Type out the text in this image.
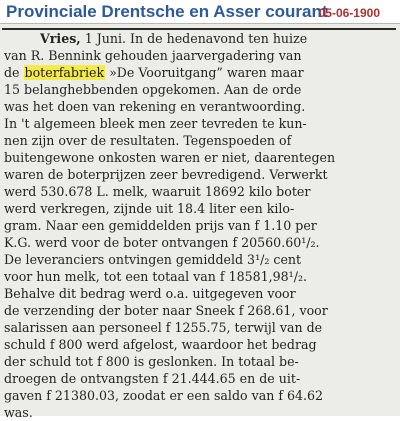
Provinciale Drentsche en Asser courant
05-06-1900
Vries, 1 Juni. In de hedenavond ten huize
van R. Bennink gehouden jaarvergadering van
de boterfabriek »De Vooruitgang” waren maar
15 belanghebbenden opgekomen. Aan de orde
was het doen van rekening en verantwoording.
In 't algemeen bleek men zeer tevreden te kun-
nen zijn over de resultaten. Tegenspoeden of
buitengewone onkosten waren er niet, daarentegen
waren de boterprijzen zeer bevredigend. Verwerkt
werd 530.678 L. melk, waaruit 18692 kilo boter
werd verkregen, zijnde uit 18.4 liter een kilo-
gram. Naar een gemiddelden prijs van f 1.10 per
K.G. werd voor de boter ontvangen f 20560.60¹/₂.
De leveranciers ontvingen gemiddeld 3¹/₂ cent
voor hun melk, tot een totaal van f 18581,98¹/₂.
Behalve dit bedrag werd o.a. uitgegeven voor
de verzending der boter naar Sneek f 268.61, voor
salarissen aan personeel f 1255.75, terwijl van de
schuld f 800 werd afgelost, waardoor het bedrag
der schuld tot f 800 is geslonken. In totaal be-
droegen de ontvangsten f 21.444.65 en de uit-
gaven f 21380.03, zoodat er een saldo van f 64.62
was.
